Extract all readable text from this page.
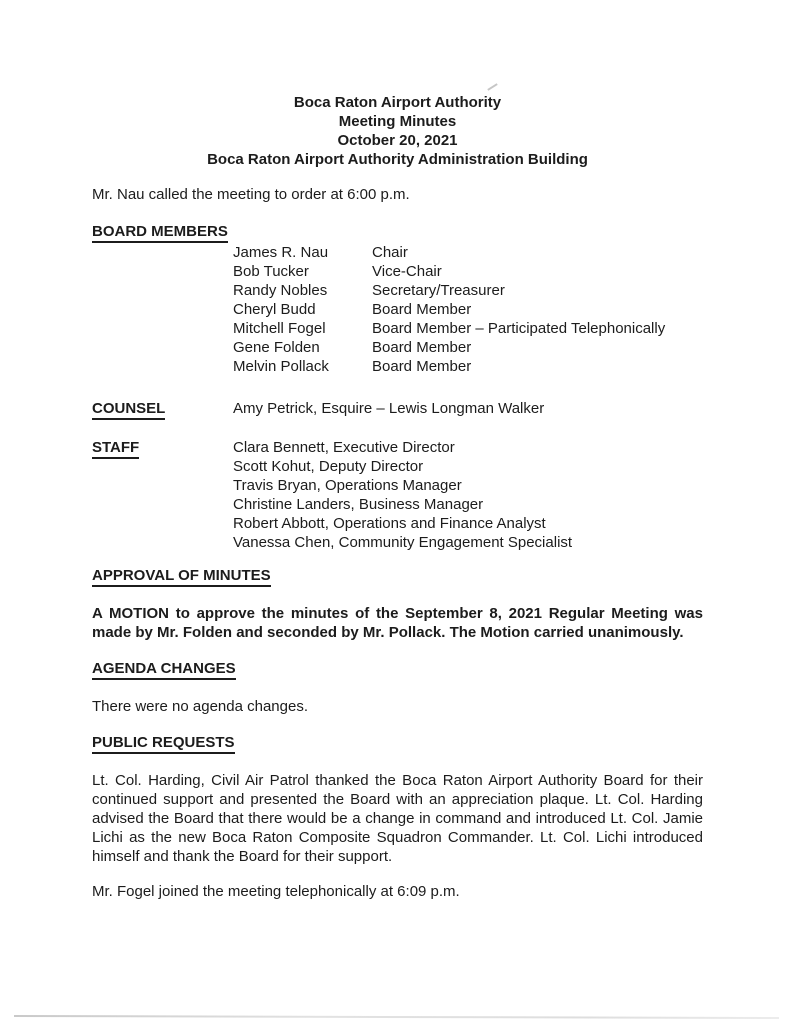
Boca Raton Airport Authority
Meeting Minutes
October 20, 2021
Boca Raton Airport Authority Administration Building

Mr. Nau called the meeting to order at 6:00 p.m.

BOARD MEMBERS
James R. Nau	Chair
Bob Tucker	Vice-Chair
Randy Nobles	Secretary/Treasurer
Cheryl Budd	Board Member
Mitchell Fogel	Board Member – Participated Telephonically
Gene Folden	Board Member
Melvin Pollack	Board Member
COUNSEL	Amy Petrick, Esquire – Lewis Longman Walker
STAFF	Clara Bennett, Executive Director
Scott Kohut, Deputy Director
Travis Bryan, Operations Manager
Christine Landers, Business Manager
Robert Abbott, Operations and Finance Analyst
Vanessa Chen, Community Engagement Specialist
APPROVAL OF MINUTES

A MOTION to approve the minutes of the September 8, 2021 Regular Meeting was made by Mr. Folden and seconded by Mr. Pollack. The Motion carried unanimously.

AGENDA CHANGES

There were no agenda changes.

PUBLIC REQUESTS

Lt. Col. Harding, Civil Air Patrol thanked the Boca Raton Airport Authority Board for their continued support and presented the Board with an appreciation plaque. Lt. Col. Harding advised the Board that there would be a change in command and introduced Lt. Col. Jamie Lichi as the new Boca Raton Composite Squadron Commander. Lt. Col. Lichi introduced himself and thank the Board for their support.

Mr. Fogel joined the meeting telephonically at 6:09 p.m.
